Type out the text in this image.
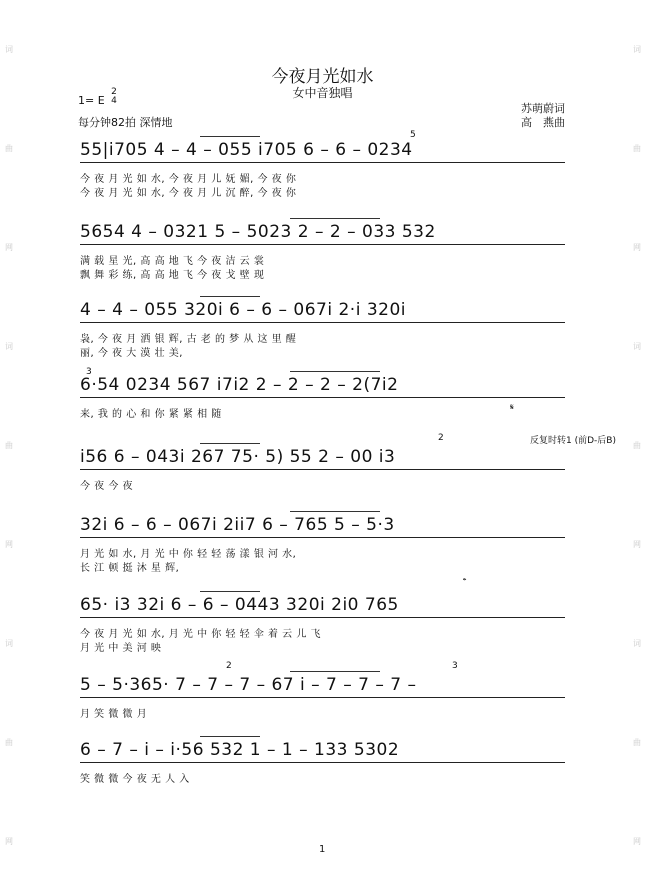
词
曲
网
词
曲
网
词
曲
网
词
曲
网
词
曲
网
词
曲
网
今夜月光如水
女中音独唱
1= E
2
4
每分钟82拍 深情地
苏萌蔚词
高　燕曲
55|i705 4 – 4 – 055 i705 6 – 6 – 0234
今 夜 月 光 如 水, 今 夜 月 儿 妩 媚, 今 夜 你
今 夜 月 光 如 水, 今 夜 月 儿 沉 醉, 今 夜 你
5
5654 4 – 0321 5 – 5023 2 – 2 – 033 532
满 载 星 光, 高 高 地 飞 今 夜 洁 云 裳
飘 舞 彩 练, 高 高 地 飞 今 夜 戈 壁 现
4 – 4 – 055 320i 6 – 6 – 067i 2·i 320i
袅, 今 夜 月 洒 银 辉, 古 老 的 梦 从 这 里 醒
丽, 今 夜 大 漠 壮 美,
6·54 0234 567 i7i2 2 – 2 – 2 – 2(7i2
来, 我 的 心 和 你 紧 紧 相 随
3
𝄋
i56 6 – 043i 267 75· 5) 55 2 – 00 i3
今 夜 今 夜
2	反复时转1 (前D-后B)
32i 6 – 6 – 067i 2ii7 6 – 765 5 – 5·3
月 光 如 水, 月 光 中 你 轻 轻 荡 漾 银 河 水,
长 江 顿 挺 沐 星 辉,
𝄌
65· i3 32i 6 – 6 – 0443 320i 2i0 765
今 夜 月 光 如 水, 月 光 中 你 轻 轻 伞 着 云 儿 飞
月 光 中 美 河 映
5 – 5·365· 7 – 7 – 7 – 67 i – 7 – 7 – 7 –
月 笑 微 微 月
2	3
6 – 7 – i – i·56 532 1 – 1 – 133 5302
笑 微 微 今 夜 无 人 入
1
